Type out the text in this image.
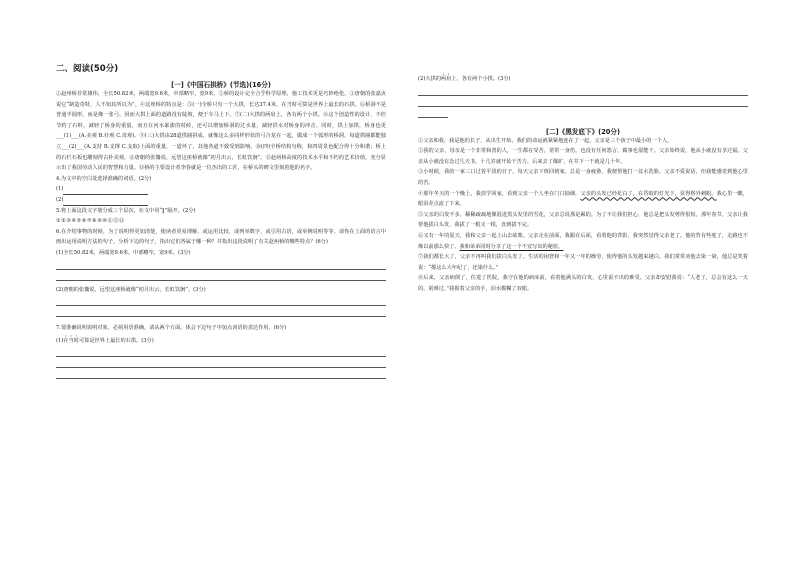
二、阅读(50分)

[一]《中国石拱桥》(节选)(16分)

①赵州桥非常雄伟，全长50.82米，两端宽9.6米，中部略窄，宽9米。②桥的设计完全合乎科学原理，施工技术更是巧妙绝伦。③唐朝的张嘉贞说它“制造奇特，人不知其所以为”。④这座桥的特点是：⑤(一)全桥只有一个大拱，长达37.4米，在当时可算是世界上最长的石拱。⑥桥洞不是普通半圆形，而是像一张弓，因而大拱上面的道路没有陡坡，便于车马上下。⑦(二)大拱的两肩上，各有两个小拱。⑧这个创造性的设计，不但节约了石料，减轻了桥身的重量，而且在河水暴涨的时候，还可以增加桥洞的过水量，减轻洪水对桥身的冲击。同时，拱上加拱，桥身也更___(1)___(A.美观 B.壮观 C.奇观)。⑨(三)大拱由28道拱圈拼成，就像这么多同样形状的弓合龙在一起，做成一个弧形的桥洞。每道拱圈都能独立___(2)___(A.支持 B.支撑 C.支取)上面的重量，一道坏了，其他各道不致受到影响。⑩(四)全桥结构匀称，和四周景色配合得十分和谐；桥上的石栏石板也雕刻得古朴美观。⑪唐朝的张鷟说，远望这座桥就像“初月出云，长虹饮涧”。⑫赵州桥高度的技术水平和不朽的艺术价值，充分显示出了我国劳动人民的智慧和力量。⑬桥的主要设计者李春就是一位杰出的工匠，在桥头的碑文里刻着他的名字。

4.为文中的空白处选择准确的词语。(2分)

(1)

(2)

5.将上面这段文字划分成三个层次，在文中用“‖”隔开。(2分)

①②③④⑤⑥⑦⑧⑨⑩⑪⑫⑬

6.在介绍事物的时候，为了说明得更加清楚，使读者更易理解，或运用比较，或列举数字，或引用古语，或举例说明等等。请你在上面的语言中画出运用说明方法的句子，分析下边的句子，指出它们各属于哪一种？并指出这段说明了有关赵州桥的哪些特点？(6分)

(1)全长50.82米，两端宽9.6米，中部略窄，宽9米。(3分)

(2)唐朝的张鷟说，远望这座桥就像“初月出云，长虹饮涧”。(3分)

7.要准确说明说明对象，必须用语准确。请从两个方面，体会下边句子中加点词语的表达作用。(6分)

(1)在当时可算是世界上最长的石拱。(3分)

(2)大拱的两肩上，各有两个小拱。(3分)

[二]《黑发底下》(20分)

①父亲和我，我是他的长子，从出生开始，我们的命运就紧紧地连在了一起，父亲是三个孩子中最小的一个人。

②我的父亲，母亲是一个非常和善的人，一生都在受苦。常常一身伤，也没有任何怨言，做事也很能干。父亲始终说，他从小就没有享过福。父亲从小就没有念过几天书，十几岁就开始干苦力，后来去了煤矿，在井下一干就是几十年。

③小时候，我的一家三口过着平淡的日子。每天父亲下班回到家，总是一身疲惫，我便帮他打一盆水洗脸。父亲不爱说话，但我能感觉到他心里的苦。

④那年冬天的一个晚上，我放学回家，看到父亲一个人坐在门口抽烟，父亲的头发已经花白了，在昏暗的灯光下，显得格外刺眼。我心里一酸，眼泪差点流了下来。

⑤父亲的白发不多，稀稀疏疏地像混进黑头发里的雪花，父亲总说那是累的。为了不让我们担心，他总是把头发剪得很短。那年春节，父亲让我帮他拔白头发，我拔了一根又一根，直到拔不完。

⑥又有一年的夏天，我和父亲一起上山去砍柴。父亲走在前面，我跟在后面，看着他的背影，我突然觉得父亲老了。他的背有些驼了，走路也不像以前那么快了。我和弟弟同时分享了这一个不宜写出的秘密。

⑦我们都长大了，父亲不再叫我们拔白头发了。生活的困窘和一年又一年的操劳，使得他的头发越来越白。我们常常劝他去染一染，他总是笑着说：“都这么大年纪了，还染什么。”

⑧后来，父亲病倒了，住进了医院。我守在他的病床前，看着他满头的白发，心里说不出的难受。父亲却安慰我说：“人老了，总会有这么一天的，别难过。”我握着父亲的手，泪水模糊了双眼。
